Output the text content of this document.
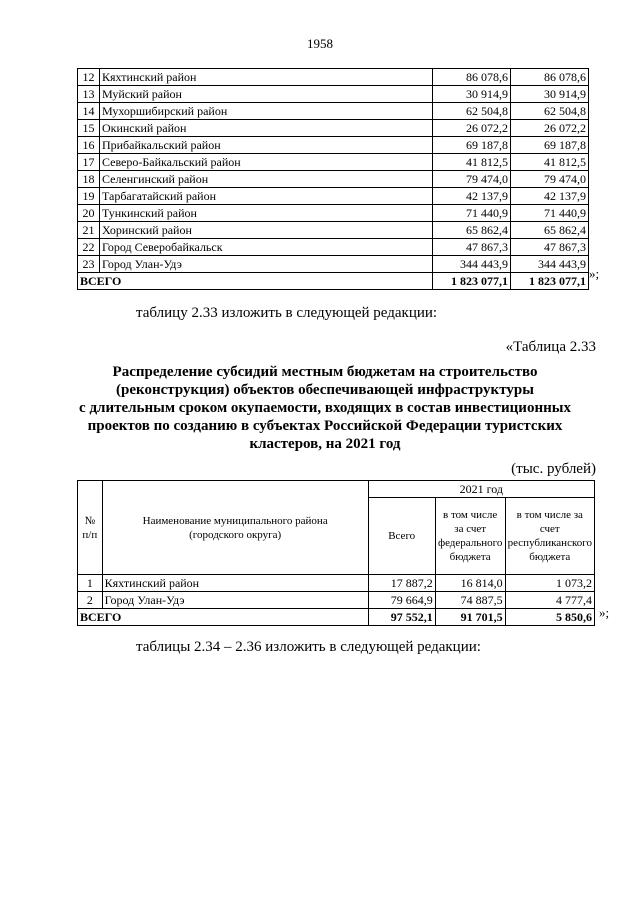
1958
12	Кяхтинский район	86 078,6	86 078,6
13	Муйский район	30 914,9	30 914,9
14	Мухоршибирский район	62 504,8	62 504,8
15	Окинский район	26 072,2	26 072,2
16	Прибайкальский район	69 187,8	69 187,8
17	Северо-Байкальский район	41 812,5	41 812,5
18	Селенгинский район	79 474,0	79 474,0
19	Тарбагатайский район	42 137,9	42 137,9
20	Тункинский район	71 440,9	71 440,9
21	Хоринский район	65 862,4	65 862,4
22	Город Северобайкальск	47 867,3	47 867,3
23	Город Улан-Удэ	344 443,9	344 443,9
ВСЕГО		1 823 077,1	1 823 077,1 »;
таблицу 2.33 изложить в следующей редакции:
«Таблица 2.33
Распределение субсидий местным бюджетам на строительство
(реконструкция) объектов обеспечивающей инфраструктуры
с длительным сроком окупаемости, входящих в состав инвестиционных
проектов по созданию в субъектах Российской Федерации туристских
кластеров, на 2021 год
(тыс. рублей)
№ п/п	Наименование муниципального района (городского округа)	2021 год		
		Всего	в том числе за счет федерального бюджета	в том числе за счет республиканского бюджета
1	Кяхтинский район	17 887,2	16 814,0	1 073,2
2	Город Улан-Удэ	79 664,9	74 887,5	4 777,4
ВСЕГО		97 552,1	91 701,5	5 850,6 »;
таблицы 2.34 – 2.36 изложить в следующей редакции:
